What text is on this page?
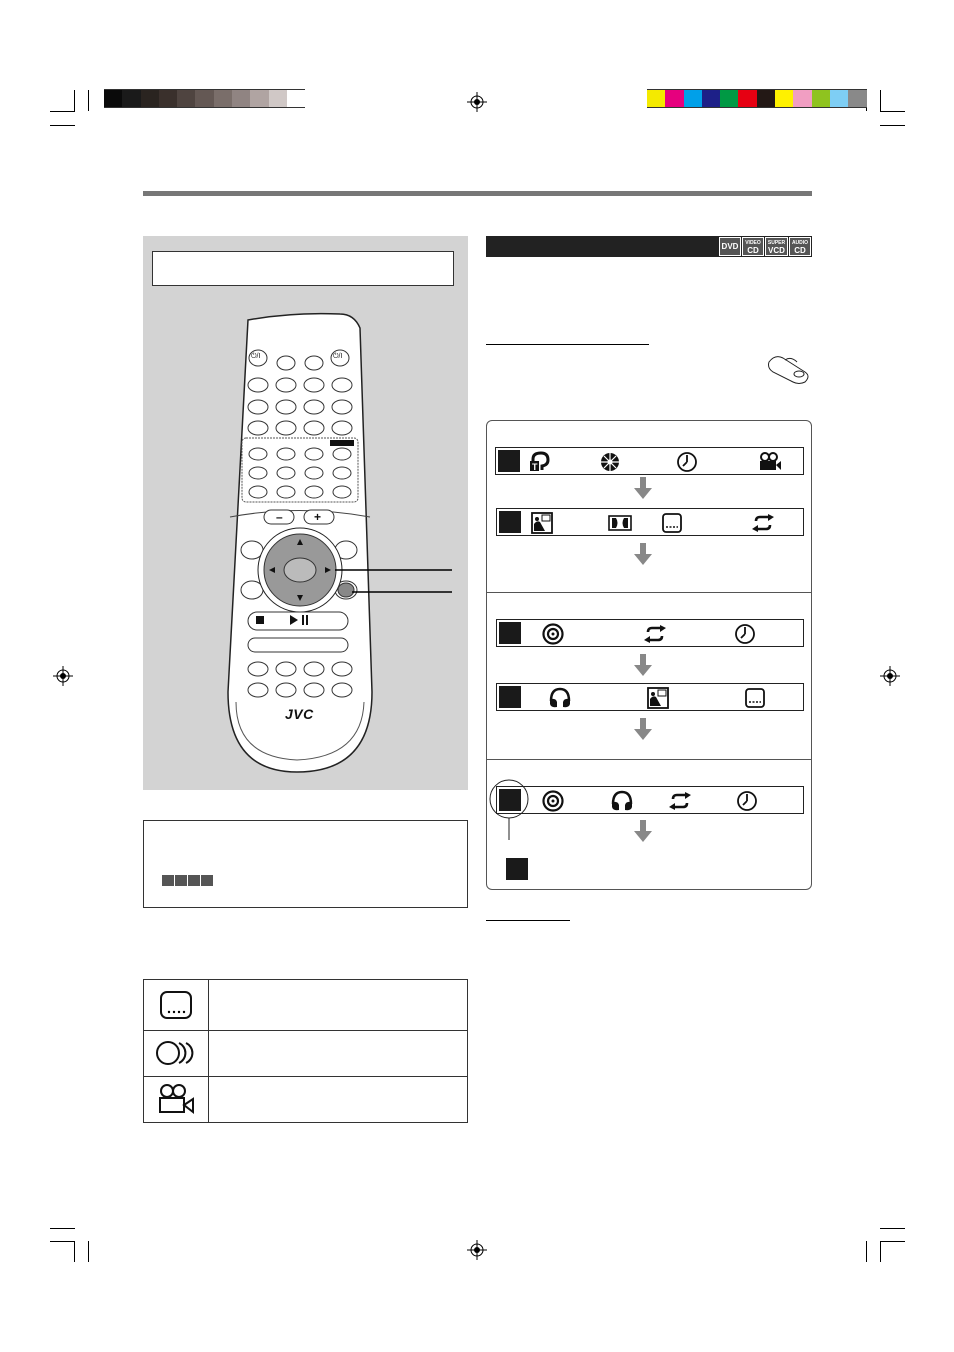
⏻/I	⏻/I
–	+
JVC
DVD VIDEO
CD
SUPER
VCD
AUDIO
CD
T
